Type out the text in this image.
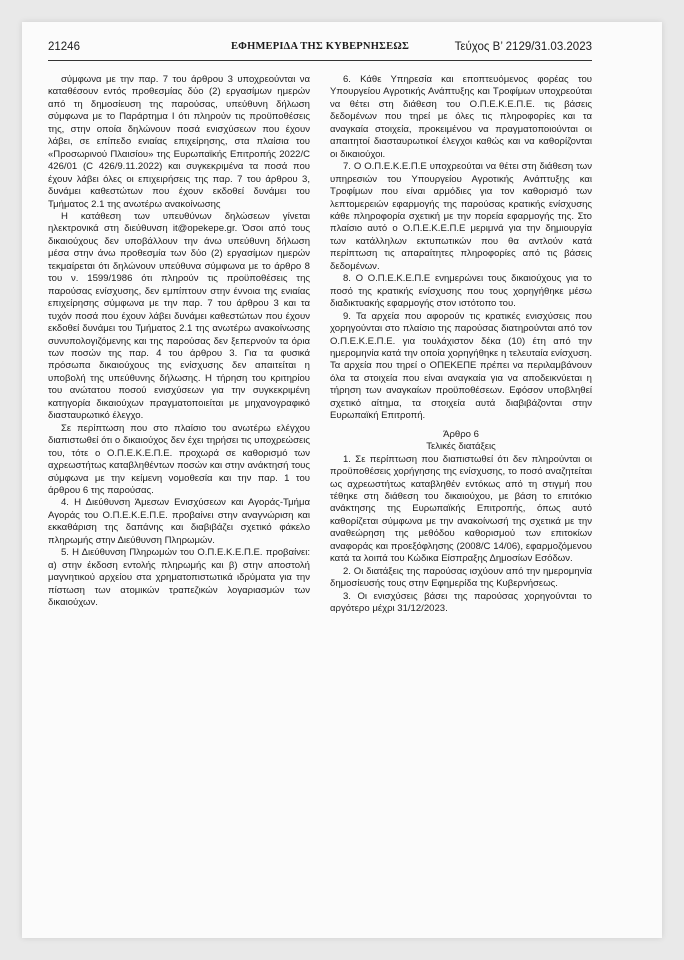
21246	ΕΦΗΜΕΡΙΔΑ ΤΗΣ ΚΥΒΕΡΝΗΣΕΩΣ	Τεύχος Β’ 2129/31.03.2023

σύμφωνα με την παρ. 7 του άρθρου 3 υποχρεούνται να καταθέσουν εντός προθεσμίας δύο (2) εργασίμων ημερών από τη δημοσίευση της παρούσας, υπεύθυνη δήλωση σύμφωνα με το Παράρτημα Ι ότι πληρούν τις προϋποθέσεις της, στην οποία δηλώνουν ποσά ενισχύσεων που έχουν λάβει, σε επίπεδο ενιαίας επιχείρησης, στα πλαίσια του «Προσωρινού Πλαισίου» της Ευρωπαϊκής Επιτροπής 2022/C 426/01 (C 426/9.11.2022) και συγκεκριμένα τα ποσά που έχουν λάβει όλες οι επιχειρήσεις της παρ. 7 του άρθρου 3, δυνάμει καθεστώτων που έχουν εκδοθεί δυνάμει του Τμήματος 2.1 της ανωτέρω ανακοίνωσης

Η κατάθεση των υπευθύνων δηλώσεων γίνεται ηλεκτρονικά στη διεύθυνση it@opekepe.gr. Όσοι από τους δικαιούχους δεν υποβάλλουν την άνω υπεύθυνη δήλωση μέσα στην άνω προθεσμία των δύο (2) εργασίμων ημερών τεκμαίρεται ότι δηλώνουν υπεύθυνα σύμφωνα με το άρθρο 8 του ν. 1599/1986 ότι πληρούν τις προϋποθέσεις της παρούσας ενίσχυσης, δεν εμπίπτουν στην έννοια της ενιαίας επιχείρησης σύμφωνα με την παρ. 7 του άρθρου 3 και τα τυχόν ποσά που έχουν λάβει δυνάμει καθεστώτων που έχουν εκδοθεί δυνάμει του Τμήματος 2.1 της ανωτέρω ανακοίνωσης συνυπολογιζόμενης και της παρούσας δεν ξεπερνούν τα όρια των ποσών της παρ. 4 του άρθρου 3. Για τα φυσικά πρόσωπα δικαιούχους της ενίσχυσης δεν απαιτείται η υποβολή της υπεύθυνης δήλωσης. Η τήρηση του κριτηρίου του ανώτατου ποσού ενισχύσεων για την συγκεκριμένη κατηγορία δικαιούχων πραγματοποιείται με μηχανογραφικό διασταυρωτικό έλεγχο.

Σε περίπτωση που στο πλαίσιο του ανωτέρω ελέγχου διαπιστωθεί ότι ο δικαιούχος δεν έχει τηρήσει τις υποχρεώσεις του, τότε ο Ο.Π.Ε.Κ.Ε.Π.Ε. προχωρά σε καθορισμό των αχρεωστήτως καταβληθέντων ποσών και στην ανάκτησή τους σύμφωνα με την κείμενη νομοθεσία και την παρ. 1 του άρθρου 6 της παρούσας.

4. Η Διεύθυνση Άμεσων Ενισχύσεων και Αγοράς-Τμήμα Αγοράς του Ο.Π.Ε.Κ.Ε.Π.Ε. προβαίνει στην αναγνώριση και εκκαθάριση της δαπάνης και διαβιβάζει σχετικό φάκελο πληρωμής στην Διεύθυνση Πληρωμών.

5. Η Διεύθυνση Πληρωμών του Ο.Π.Ε.Κ.Ε.Π.Ε. προβαίνει: α) στην έκδοση εντολής πληρωμής και β) στην αποστολή μαγνητικού αρχείου στα χρηματοπιστωτικά ιδρύματα για την πίστωση των ατομικών τραπεζικών λογαριασμών των δικαιούχων.

6. Κάθε Υπηρεσία και εποπτευόμενος φορέας του Υπουργείου Αγροτικής Ανάπτυξης και Τροφίμων υποχρεούται να θέτει στη διάθεση του Ο.Π.Ε.Κ.Ε.Π.Ε. τις βάσεις δεδομένων που τηρεί με όλες τις πληροφορίες και τα αναγκαία στοιχεία, προκειμένου να πραγματοποιούνται οι απαιτητοί διασταυρωτικοί έλεγχοι καθώς και να καθορίζονται οι δικαιούχοι.

7. Ο Ο.Π.Ε.Κ.Ε.Π.Ε υποχρεούται να θέτει στη διάθεση των υπηρεσιών του Υπουργείου Αγροτικής Ανάπτυξης και Τροφίμων που είναι αρμόδιες για τον καθορισμό των λεπτομερειών εφαρμογής της παρούσας κρατικής ενίσχυσης κάθε πληροφορία σχετική με την πορεία εφαρμογής της. Στο πλαίσιο αυτό ο Ο.Π.Ε.Κ.Ε.Π.Ε μεριμνά για την δημιουργία των κατάλληλων εκτυπωτικών που θα αντλούν κατά περίπτωση τις απαραίτητες πληροφορίες από τις βάσεις δεδομένων.

8. Ο Ο.Π.Ε.Κ.Ε.Π.Ε ενημερώνει τους δικαιούχους για το ποσό της κρατικής ενίσχυσης που τους χορηγήθηκε μέσω διαδικτυακής εφαρμογής στον ιστότοπο του.

9. Τα αρχεία που αφορούν τις κρατικές ενισχύσεις που χορηγούνται στο πλαίσιο της παρούσας διατηρούνται από τον Ο.Π.Ε.Κ.Ε.Π.Ε. για τουλάχιστον δέκα (10) έτη από την ημερομηνία κατά την οποία χορηγήθηκε η τελευταία ενίσχυση. Τα αρχεία που τηρεί ο ΟΠΕΚΕΠΕ πρέπει να περιλαμβάνουν όλα τα στοιχεία που είναι αναγκαία για να αποδεικνύεται η τήρηση των αναγκαίων προϋποθέσεων. Εφόσον υποβληθεί σχετικό αίτημα, τα στοιχεία αυτά διαβιβάζονται στην Ευρωπαϊκή Επιτροπή.

Άρθρο 6

Τελικές διατάξεις

1. Σε περίπτωση που διαπιστωθεί ότι δεν πληρούνται οι προϋποθέσεις χορήγησης της ενίσχυσης, το ποσό αναζητείται ως αχρεωστήτως καταβληθέν εντόκως από τη στιγμή που τέθηκε στη διάθεση του δικαιούχου, με βάση το επιτόκιο ανάκτησης της Ευρωπαϊκής Επιτροπής, όπως αυτό καθορίζεται σύμφωνα με την ανακοίνωσή της σχετικά με την αναθεώρηση της μεθόδου καθορισμού των επιτοκίων αναφοράς και προεξόφλησης (2008/C 14/06), εφαρμοζόμενου κατά τα λοιπά του Κώδικα Είσπραξης Δημοσίων Εσόδων.

2. Οι διατάξεις της παρούσας ισχύουν από την ημερομηνία δημοσίευσής τους στην Εφημερίδα της Κυβερνήσεως.

3. Οι ενισχύσεις βάσει της παρούσας χορηγούνται το αργότερο μέχρι 31/12/2023.
